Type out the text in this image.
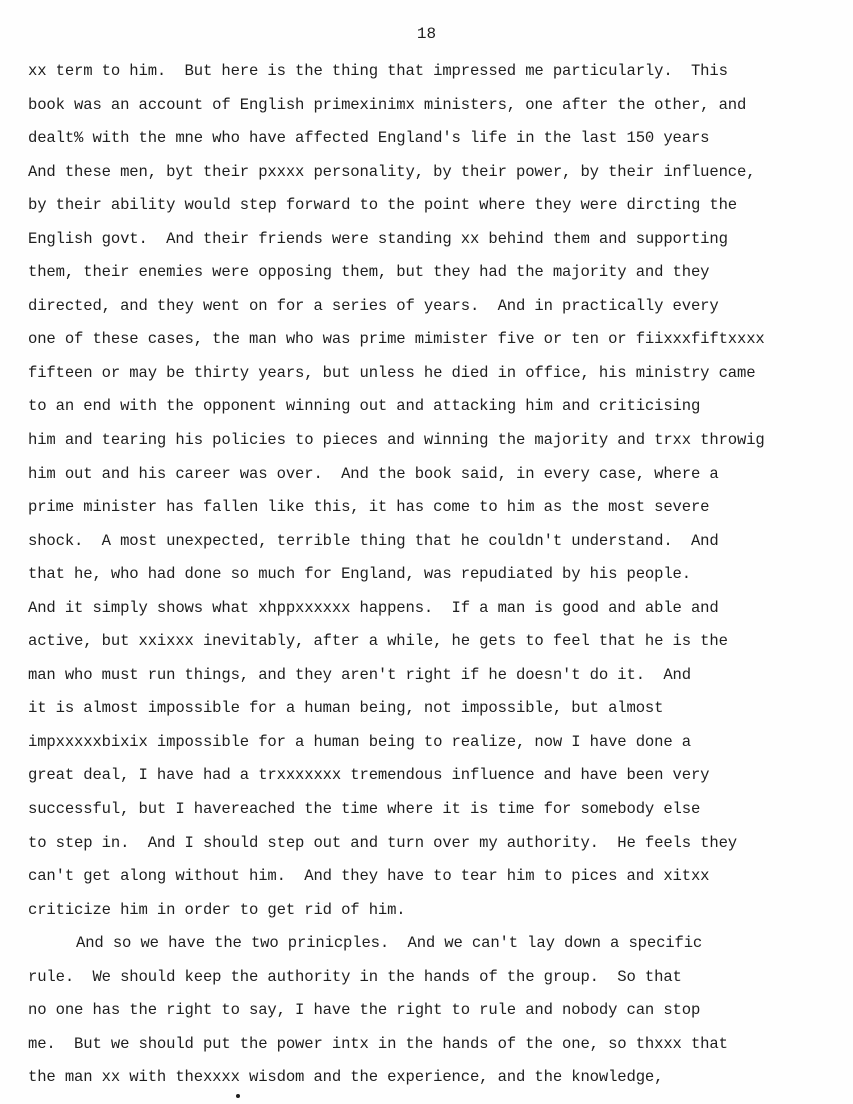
18
xx term to him.  But here is the thing that impressed me particularly.  This
book was an account of English primexinimx ministers, one after the other, and
dealt% with the mne who have affected England's life in the last 150 years
And these men, byt their pxxxx personality, by their power, by their influence,
by their ability would step forward to the point where they were dircting the
English govt.  And their friends were standing xx behind them and supporting
them, their enemies were opposing them, but they had the majority and they
directed, and they went on for a series of years.  And in practically every
one of these cases, the man who was prime mimister five or ten or fiixxxfiftxxxx
fifteen or may be thirty years, but unless he died in office, his ministry came
to an end with the opponent winning out and attacking him and criticising
him and tearing his policies to pieces and winning the majority and trxx throwig
him out and his career was over.  And the book said, in every case, where a
prime minister has fallen like this, it has come to him as the most severe
shock.  A most unexpected, terrible thing that he couldn't understand.  And
that he, who had done so much for England, was repudiated by his people.
And it simply shows what xhppxxxxxx happens.  If a man is good and able and
active, but xxixxx inevitably, after a while, he gets to feel that he is the
man who must run things, and they aren't right if he doesn't do it.  And
it is almost impossible for a human being, not impossible, but almost
impxxxxxbixix impossible for a human being to realize, now I have done a
great deal, I have had a trxxxxxxx tremendous influence and have been very
successful, but I havereached the time where it is time for somebody else
to step in.  And I should step out and turn over my authority.  He feels they
can't get along without him.  And they have to tear him to pices and xitxx
criticize him in order to get rid of him.
And so we have the two prinicples.  And we can't lay down a specific
rule.  We should keep the authority in the hands of the group.  So that
no one has the right to say, I have the right to rule and nobody can stop
me.  But we should put the power intx in the hands of the one, so thxxx that
the man xx with thexxxx wisdom and the experience, and the knowledge,
